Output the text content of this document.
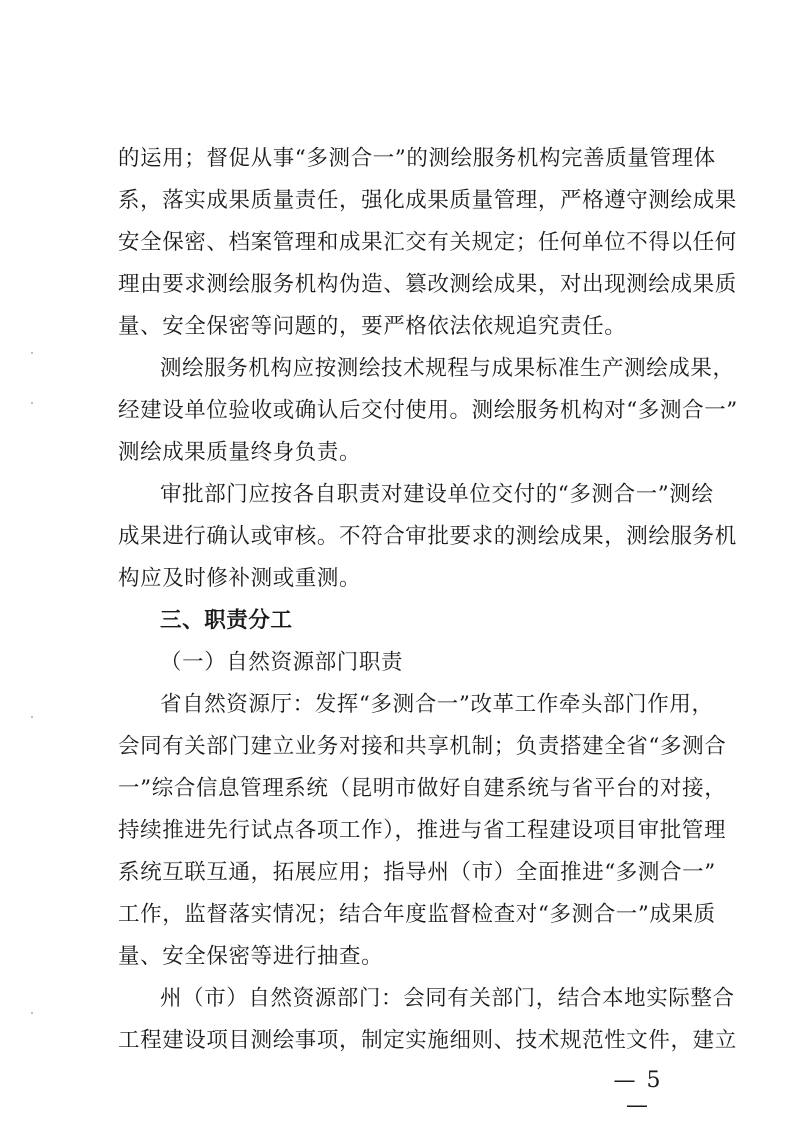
的运用；督促从事“多测合一”的测绘服务机构完善质量管理体
系，落实成果质量责任，强化成果质量管理，严格遵守测绘成果
安全保密、档案管理和成果汇交有关规定；任何单位不得以任何
理由要求测绘服务机构伪造、篡改测绘成果，对出现测绘成果质
量、安全保密等问题的，要严格依法依规追究责任。
测绘服务机构应按测绘技术规程与成果标准生产测绘成果，
经建设单位验收或确认后交付使用。测绘服务机构对“多测合一”
测绘成果质量终身负责。
审批部门应按各自职责对建设单位交付的“多测合一”测绘
成果进行确认或审核。不符合审批要求的测绘成果，测绘服务机
构应及时修补测或重测。
三、职责分工
（一）自然资源部门职责
省自然资源厅：发挥“多测合一”改革工作牵头部门作用，
会同有关部门建立业务对接和共享机制；负责搭建全省“多测合
一”综合信息管理系统（昆明市做好自建系统与省平台的对接，
持续推进先行试点各项工作），推进与省工程建设项目审批管理
系统互联互通，拓展应用；指导州（市）全面推进“多测合一”
工作，监督落实情况；结合年度监督检查对“多测合一”成果质
量、安全保密等进行抽查。
州（市）自然资源部门：会同有关部门，结合本地实际整合
工程建设项目测绘事项，制定实施细则、技术规范性文件，建立
— 5 —
